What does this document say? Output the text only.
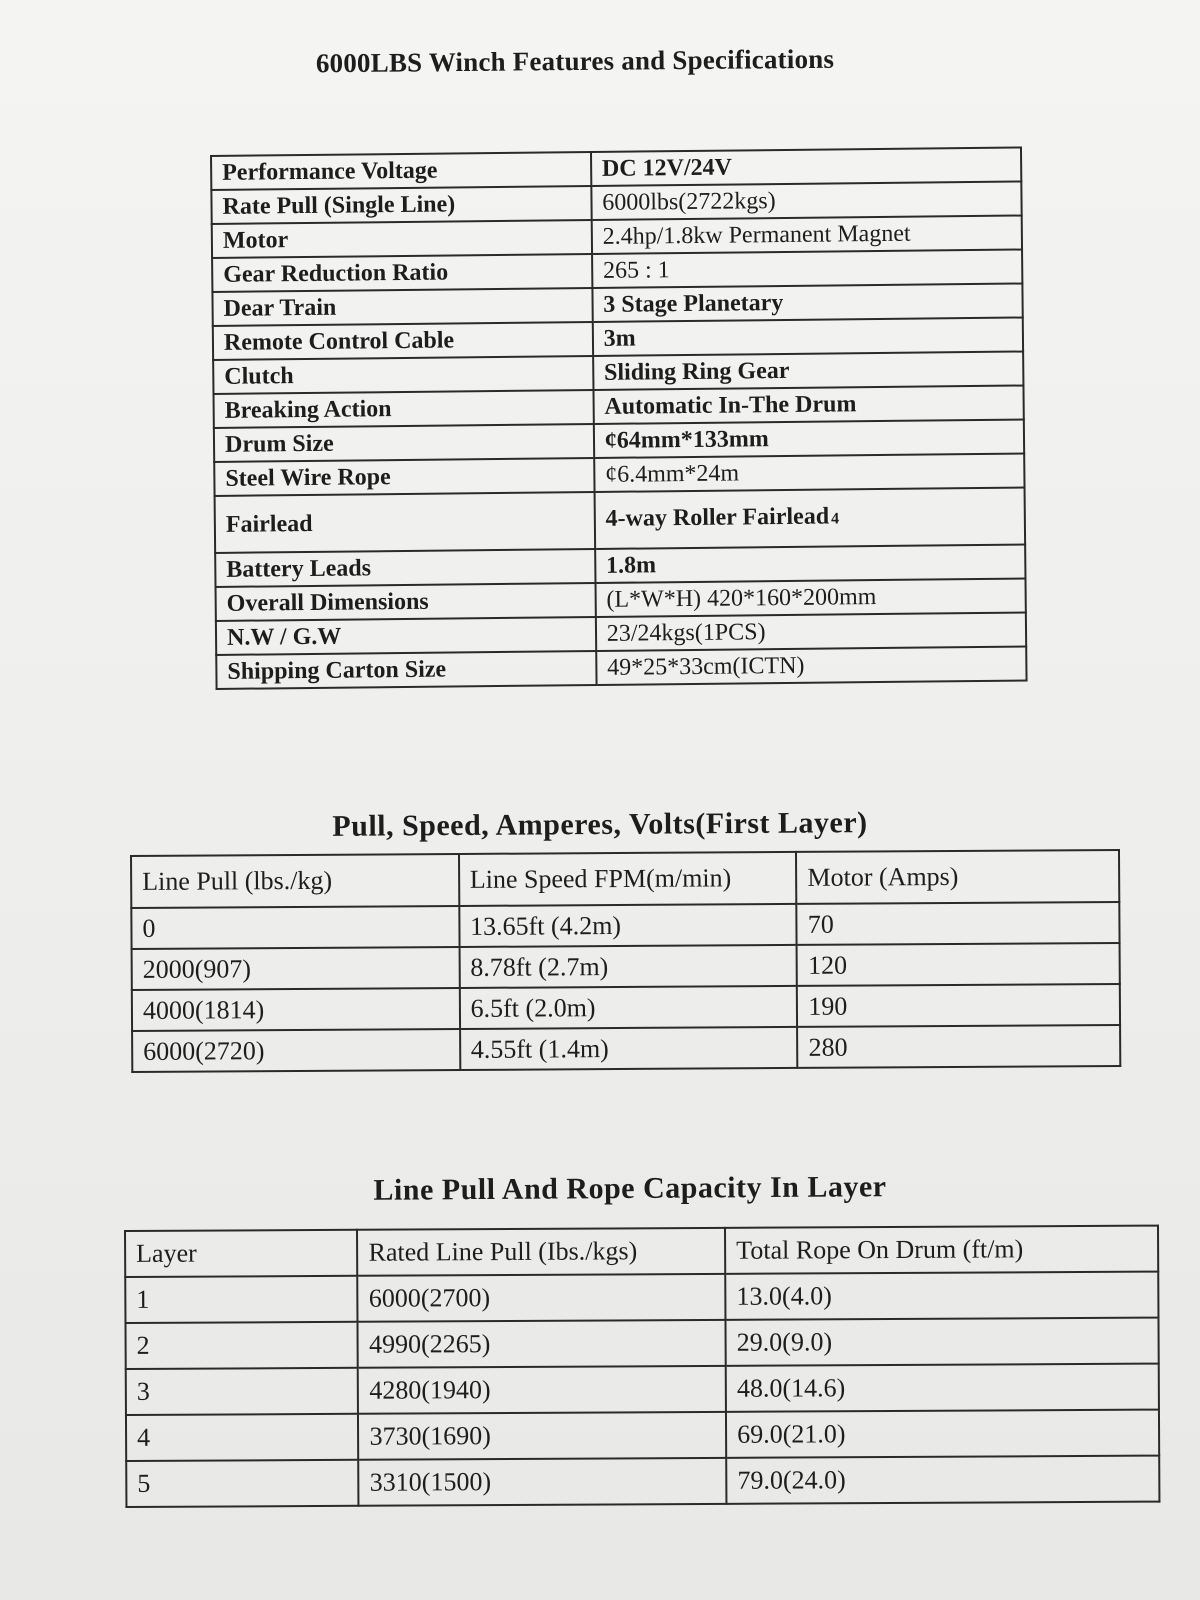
6000LBS Winch Features and Specifications
Performance Voltage	DC 12V/24V
Rate Pull (Single Line)	6000lbs(2722kgs)
Motor	2.4hp/1.8kw Permanent Magnet
Gear Reduction Ratio	265 : 1
Dear Train	3 Stage Planetary
Remote Control Cable	3m
Clutch	Sliding Ring Gear
Breaking Action	Automatic In-The Drum
Drum Size	¢64mm*133mm
Steel Wire Rope	¢6.4mm*24m
Fairlead	4-way Roller Fairlead 4
Battery Leads	1.8m
Overall Dimensions	(L*W*H) 420*160*200mm
N.W / G.W	23/24kgs(1PCS)
Shipping Carton Size	49*25*33cm(ICTN)
Pull, Speed, Amperes, Volts(First Layer)
Line Pull (lbs./kg)	Line Speed FPM(m/min)	Motor (Amps)
0	13.65ft (4.2m)	70
2000(907)	8.78ft (2.7m)	120
4000(1814)	6.5ft (2.0m)	190
6000(2720)	4.55ft (1.4m)	280
Line Pull And Rope Capacity In Layer
Layer	Rated Line Pull (Ibs./kgs)	Total Rope On Drum (ft/m)
1	6000(2700)	13.0(4.0)
2	4990(2265)	29.0(9.0)
3	4280(1940)	48.0(14.6)
4	3730(1690)	69.0(21.0)
5	3310(1500)	79.0(24.0)
